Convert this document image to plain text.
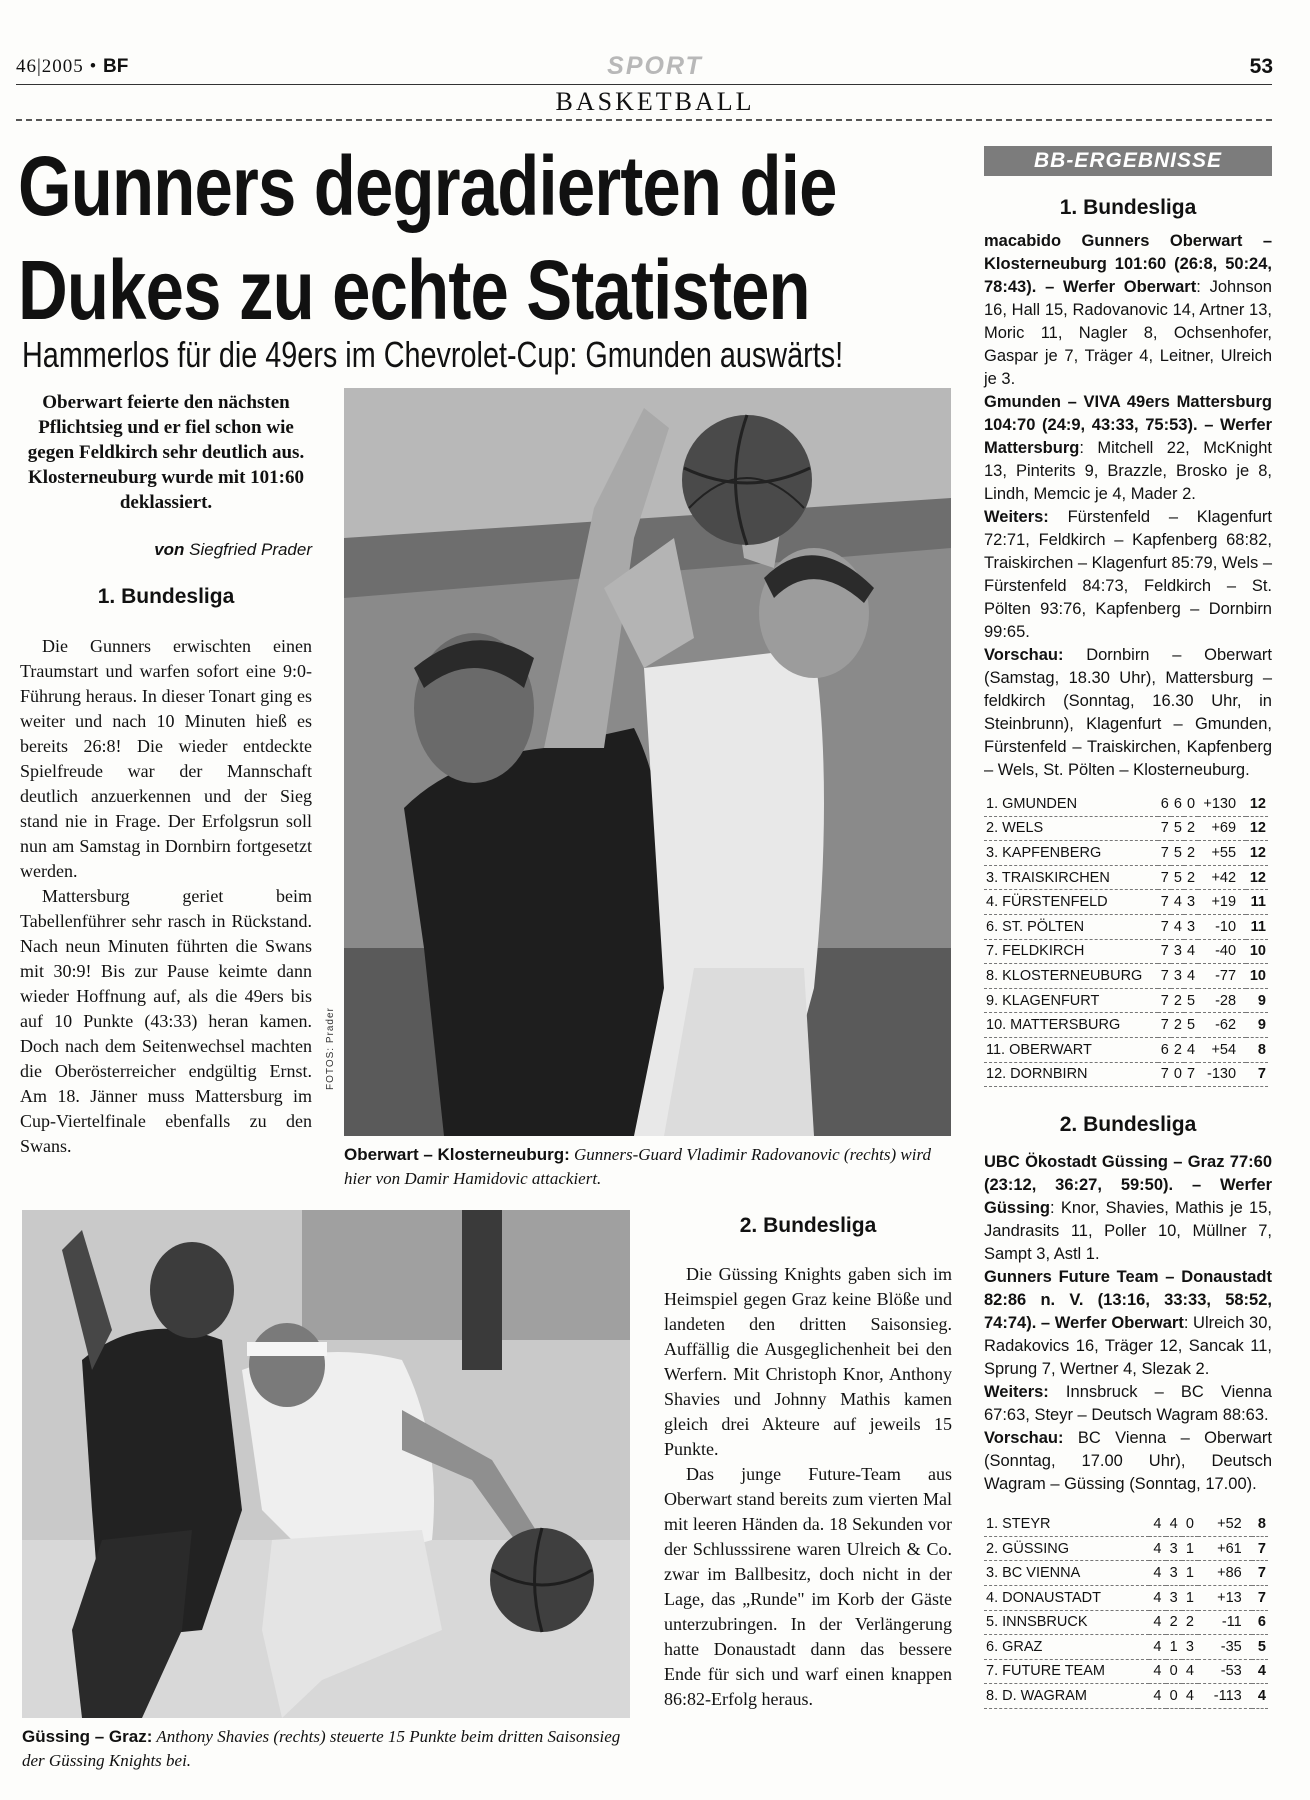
46|2005 • BF	SPORT	53
BASKETBALL
Gunners degradierten die
Dukes zu echte Statisten
Hammerlos für die 49ers im Chevrolet-Cup: Gmunden auswärts!
Oberwart feierte den nächsten Pflichtsieg und er fiel schon wie gegen Feldkirch sehr deutlich aus. Klosterneuburg wurde mit 101:60 deklassiert.
von Siegfried Prader
1. Bundesliga

Die Gunners erwischten einen Traumstart und warfen sofort eine 9:0-Führung heraus. In dieser Tonart ging es weiter und nach 10 Minuten hieß es bereits 26:8! Die wieder entdeckte Spielfreude war der Mannschaft deutlich anzuerkennen und der Sieg stand nie in Frage. Der Erfolgsrun soll nun am Samstag in Dornbirn fortgesetzt werden.

Mattersburg geriet beim Tabellenführer sehr rasch in Rückstand. Nach neun Minuten führten die Swans mit 30:9! Bis zur Pause keimte dann wieder Hoffnung auf, als die 49ers bis auf 10 Punkte (43:33) heran kamen. Doch nach dem Seitenwechsel machten die Oberösterreicher endgültig Ernst. Am 18. Jänner muss Mattersburg im Cup-Viertelfinale ebenfalls zu den Swans.

FOTOS: Prader
Oberwart – Klosterneuburg: Gunners-Guard Vladimir Radovanovic (rechts) wird hier von Damir Hamidovic attackiert.
Güssing – Graz: Anthony Shavies (rechts) steuerte 15 Punkte beim dritten Saisonsieg der Güssing Knights bei.
2. Bundesliga

Die Güssing Knights gaben sich im Heimspiel gegen Graz keine Blöße und landeten den dritten Saisonsieg. Auffällig die Ausgeglichenheit bei den Werfern. Mit Christoph Knor, Anthony Shavies und Johnny Mathis kamen gleich drei Akteure auf jeweils 15 Punkte.

Das junge Future-Team aus Oberwart stand bereits zum vierten Mal mit leeren Händen da. 18 Sekunden vor der Schlusssirene waren Ulreich & Co. zwar im Ballbesitz, doch nicht in der Lage, das „Runde" im Korb der Gäste unterzubringen. In der Verlängerung hatte Donaustadt dann das bessere Ende für sich und warf einen knappen 86:82-Erfolg heraus.

BB-ERGEBNISSE
1. Bundesliga

macabido Gunners Oberwart – Klosterneuburg 101:60 (26:8, 50:24, 78:43). – Werfer Oberwart: Johnson 16, Hall 15, Radovanovic 14, Artner 13, Moric 11, Nagler 8, Ochsenhofer, Gaspar je 7, Träger 4, Leitner, Ulreich je 3.

Gmunden – VIVA 49ers Mattersburg 104:70 (24:9, 43:33, 75:53). – Werfer Mattersburg: Mitchell 22, McKnight 13, Pinterits 9, Brazzle, Brosko je 8, Lindh, Memcic je 4, Mader 2.

Weiters: Fürstenfeld – Klagenfurt 72:71, Feldkirch – Kapfenberg 68:82, Traiskirchen – Klagenfurt 85:79, Wels – Fürstenfeld 84:73, Feldkirch – St. Pölten 93:76, Kapfenberg – Dornbirn 99:65.

Vorschau: Dornbirn – Oberwart (Samstag, 18.30 Uhr), Mattersburg – feldkirch (Sonntag, 16.30 Uhr, in Steinbrunn), Klagenfurt – Gmunden, Fürstenfeld – Traiskirchen, Kapfenberg – Wels, St. Pölten – Klosterneuburg.

1. GMUNDEN	6	6	0	+130	12
2. WELS	7	5	2	+69	12
3. KAPFENBERG	7	5	2	+55	12
3. TRAISKIRCHEN	7	5	2	+42	12
4. FÜRSTENFELD	7	4	3	+19	11
6. ST. PÖLTEN	7	4	3	-10	11
7. FELDKIRCH	7	3	4	-40	10
8. KLOSTERNEUBURG	7	3	4	-77	10
9. KLAGENFURT	7	2	5	-28	9
10. MATTERSBURG	7	2	5	-62	9
11. OBERWART	6	2	4	+54	8
12. DORNBIRN	7	0	7	-130	7
2. Bundesliga

UBC Ökostadt Güssing – Graz 77:60 (23:12, 36:27, 59:50). – Werfer Güssing: Knor, Shavies, Mathis je 15, Jandrasits 11, Poller 10, Müllner 7, Sampt 3, Astl 1.

Gunners Future Team – Donaustadt 82:86 n. V. (13:16, 33:33, 58:52, 74:74). – Werfer Oberwart: Ulreich 30, Radakovics 16, Träger 12, Sancak 11, Sprung 7, Wertner 4, Slezak 2.

Weiters: Innsbruck – BC Vienna 67:63, Steyr – Deutsch Wagram 88:63.

Vorschau: BC Vienna – Oberwart (Sonntag, 17.00 Uhr), Deutsch Wagram – Güssing (Sonntag, 17.00).

1. STEYR	4	4	0	+52	8
2. GÜSSING	4	3	1	+61	7
3. BC VIENNA	4	3	1	+86	7
4. DONAUSTADT	4	3	1	+13	7
5. INNSBRUCK	4	2	2	-11	6
6. GRAZ	4	1	3	-35	5
7. FUTURE TEAM	4	0	4	-53	4
8. D. WAGRAM	4	0	4	-113	4
